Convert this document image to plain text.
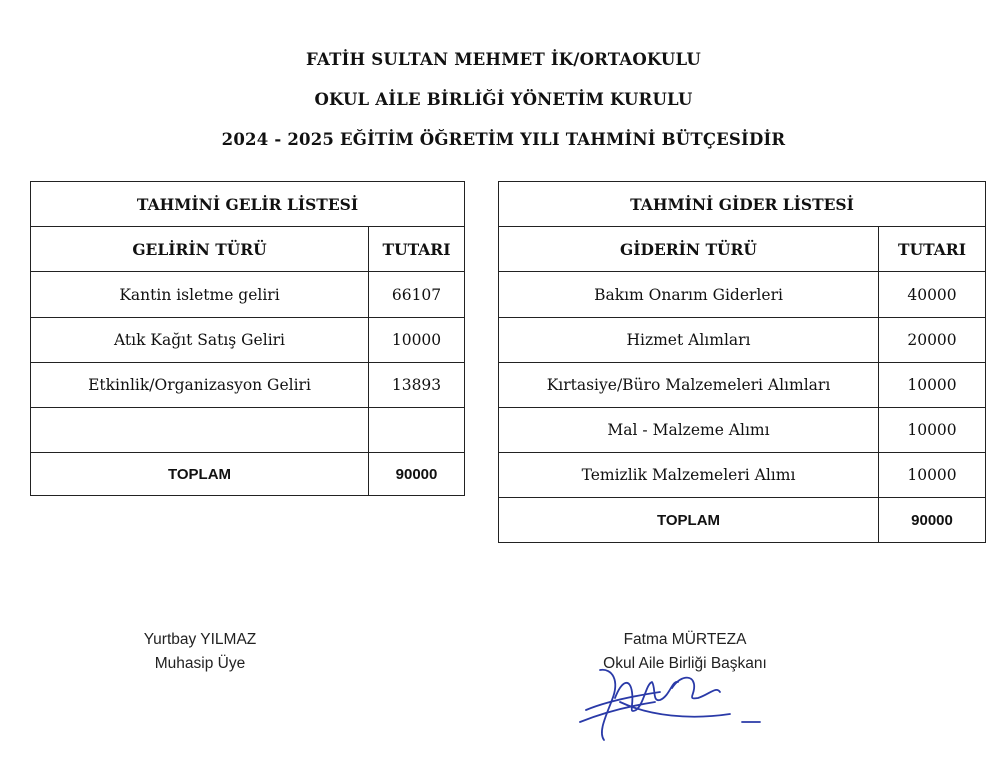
FATİH SULTAN MEHMET İK/ORTAOKULU
OKUL AİLE BİRLİĞİ YÖNETİM KURULU
2024 - 2025 EĞİTİM ÖĞRETİM YILI TAHMİNİ BÜTÇESİDİR
TAHMİNİ GELİR LİSTESİ	
GELİRİN TÜRÜ	TUTARI
Kantin isletme geliri	66107
Atık Kağıt Satış Geliri	10000
Etkinlik/Organizasyon Geliri	13893

TOPLAM	90000
TAHMİNİ GİDER LİSTESİ	
GİDERİN TÜRÜ	TUTARI
Bakım Onarım Giderleri	40000
Hizmet Alımları	20000
Kırtasiye/Büro Malzemeleri Alımları	10000
Mal - Malzeme Alımı	10000
Temizlik Malzemeleri Alımı	10000
TOPLAM	90000
Yurtbay YILMAZ
Muhasip Üye
Fatma MÜRTEZA
Okul Aile Birliği Başkanı
